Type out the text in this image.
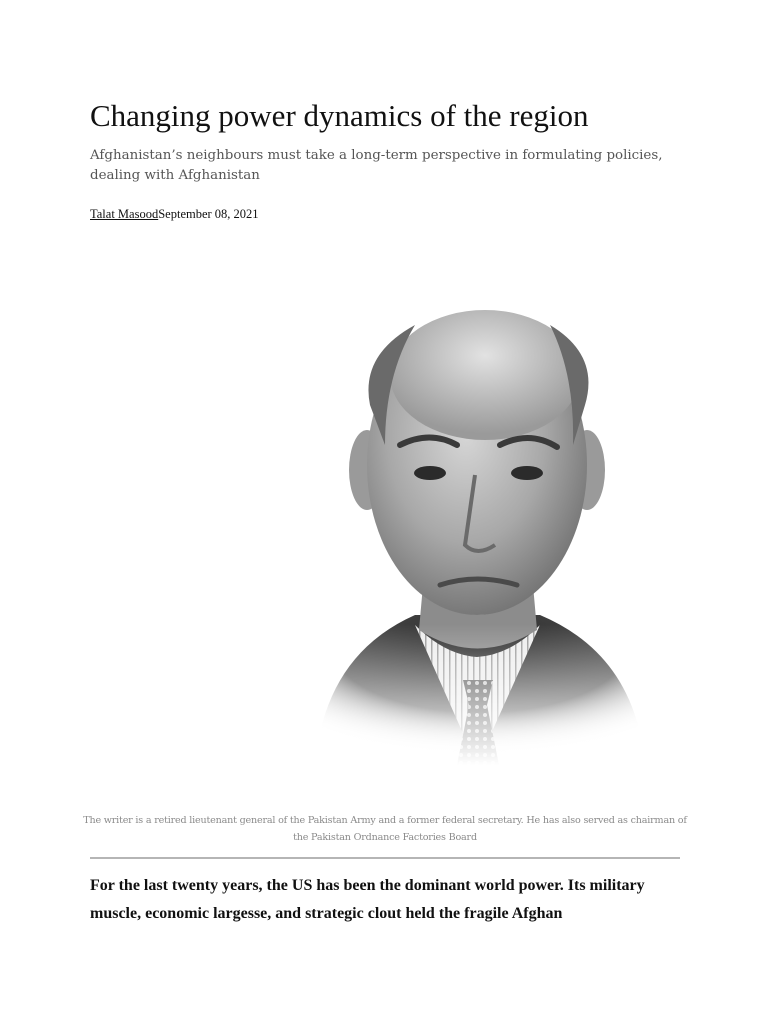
Changing power dynamics of the region

Afghanistan’s neighbours must take a long-term perspective in formulating policies, dealing with Afghanistan

Talat MasoodSeptember 08, 2021

The writer is a retired lieutenant general of the Pakistan Army and a former federal secretary. He has also served as chairman of the Pakistan Ordnance Factories Board

For the last twenty years, the US has been the dominant world power. Its military muscle, economic largesse, and strategic clout held the fragile Afghan
